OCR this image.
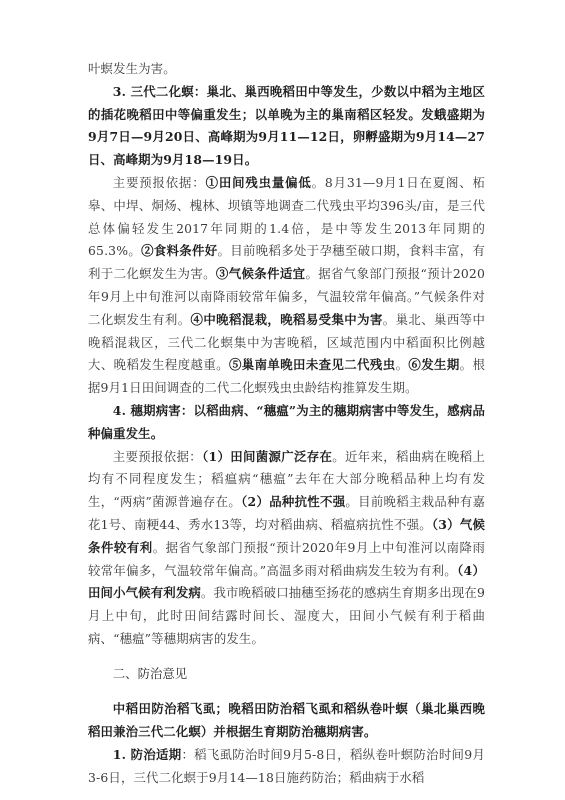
叶螟发生为害。

3. 三代二化螟：巢北、巢西晚稻田中等发生，少数以中稻为主地区的插花晚稻田中等偏重发生；以单晚为主的巢南稻区轻发。发蛾盛期为9月7日—9月20日、高峰期为9月11—12日，卵孵盛期为9月14—27日、高峰期为9月18—19日。

主要预报依据：①田间残虫量偏低。8月31—9月1日在夏阁、柘皋、中垾、烔炀、槐林、坝镇等地调查二代残虫平均396头/亩，是三代总体偏轻发生2017年同期的1.4倍，是中等发生2013年同期的65.3%。②食料条件好。目前晚稻多处于孕穗至破口期，食料丰富，有利于二化螟发生为害。③气候条件适宜。据省气象部门预报“预计2020年9月上中旬淮河以南降雨较常年偏多，气温较常年偏高。”气候条件对二化螟发生有利。④中晚稻混栽，晚稻易受集中为害。巢北、巢西等中晚稻混栽区，三代二化螟集中为害晚稻，区域范围内中稻面积比例越大、晚稻发生程度越重。⑤巢南单晚田未查见二代残虫。⑥发生期。根据9月1日田间调查的二代二化螟残虫虫龄结构推算发生期。

4. 穗期病害：以稻曲病、“穗瘟”为主的穗期病害中等发生，感病品种偏重发生。

主要预报依据：（1）田间菌源广泛存在。近年来，稻曲病在晚稻上均有不同程度发生；稻瘟病“穗瘟”去年在大部分晚稻品种上均有发生，“两病”菌源普遍存在。（2）品种抗性不强。目前晚稻主栽品种有嘉花1号、南粳44、秀水13等，均对稻曲病、稻瘟病抗性不强。（3）气候条件较有利。据省气象部门预报“预计2020年9月上中旬淮河以南降雨较常年偏多，气温较常年偏高。”高温多雨对稻曲病发生较为有利。（4）田间小气候有利发病。我市晚稻破口抽穗至扬花的感病生育期多出现在9月上中旬，此时田间结露时间长、湿度大，田间小气候有利于稻曲病、“穗瘟”等穗期病害的发生。

二、防治意见

中稻田防治稻飞虱；晚稻田防治稻飞虱和稻纵卷叶螟（巢北巢西晚稻田兼治三代二化螟）并根据生育期防治穗期病害。

1. 防治适期：稻飞虱防治时间9月5-8日，稻纵卷叶螟防治时间9月3-6日，三代二化螟于9月14—18日施药防治；稻曲病于水稻
